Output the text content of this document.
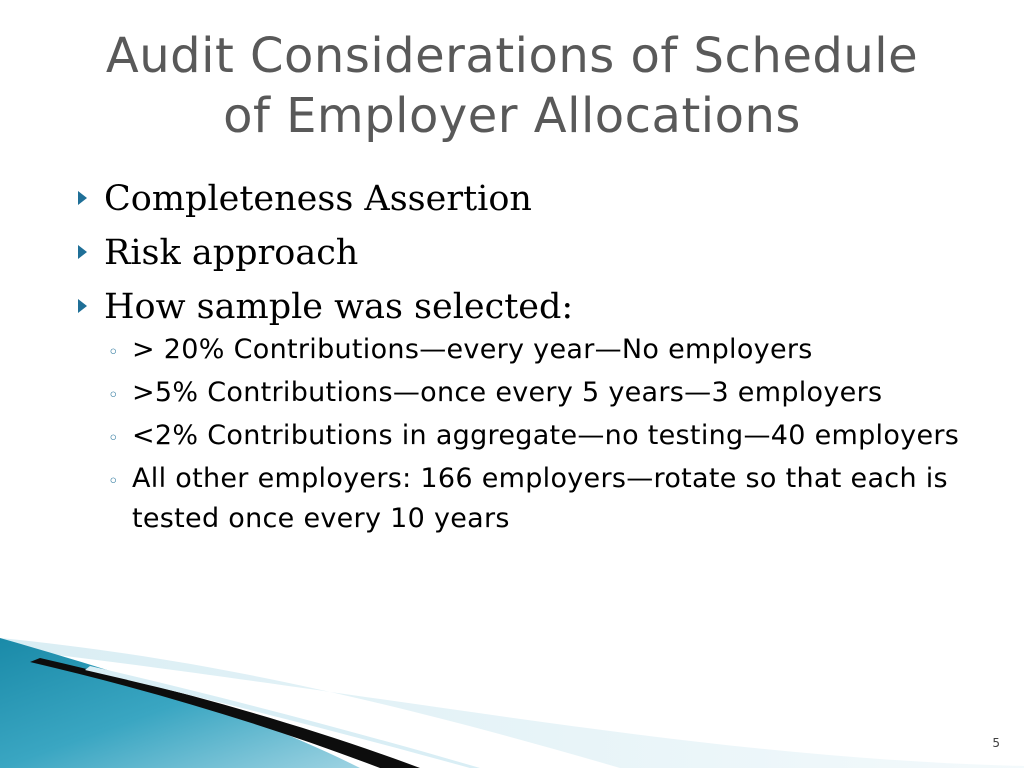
Audit Considerations of Schedule
of Employer Allocations
Completeness Assertion
Risk approach
How sample was selected:
◦ > 20% Contributions—every year—No employers
◦ >5% Contributions—once every 5 years—3 employers
◦ <2% Contributions in aggregate—no testing—40 employers
◦ All other employers: 166 employers—rotate so that each is tested once every 10 years
5
